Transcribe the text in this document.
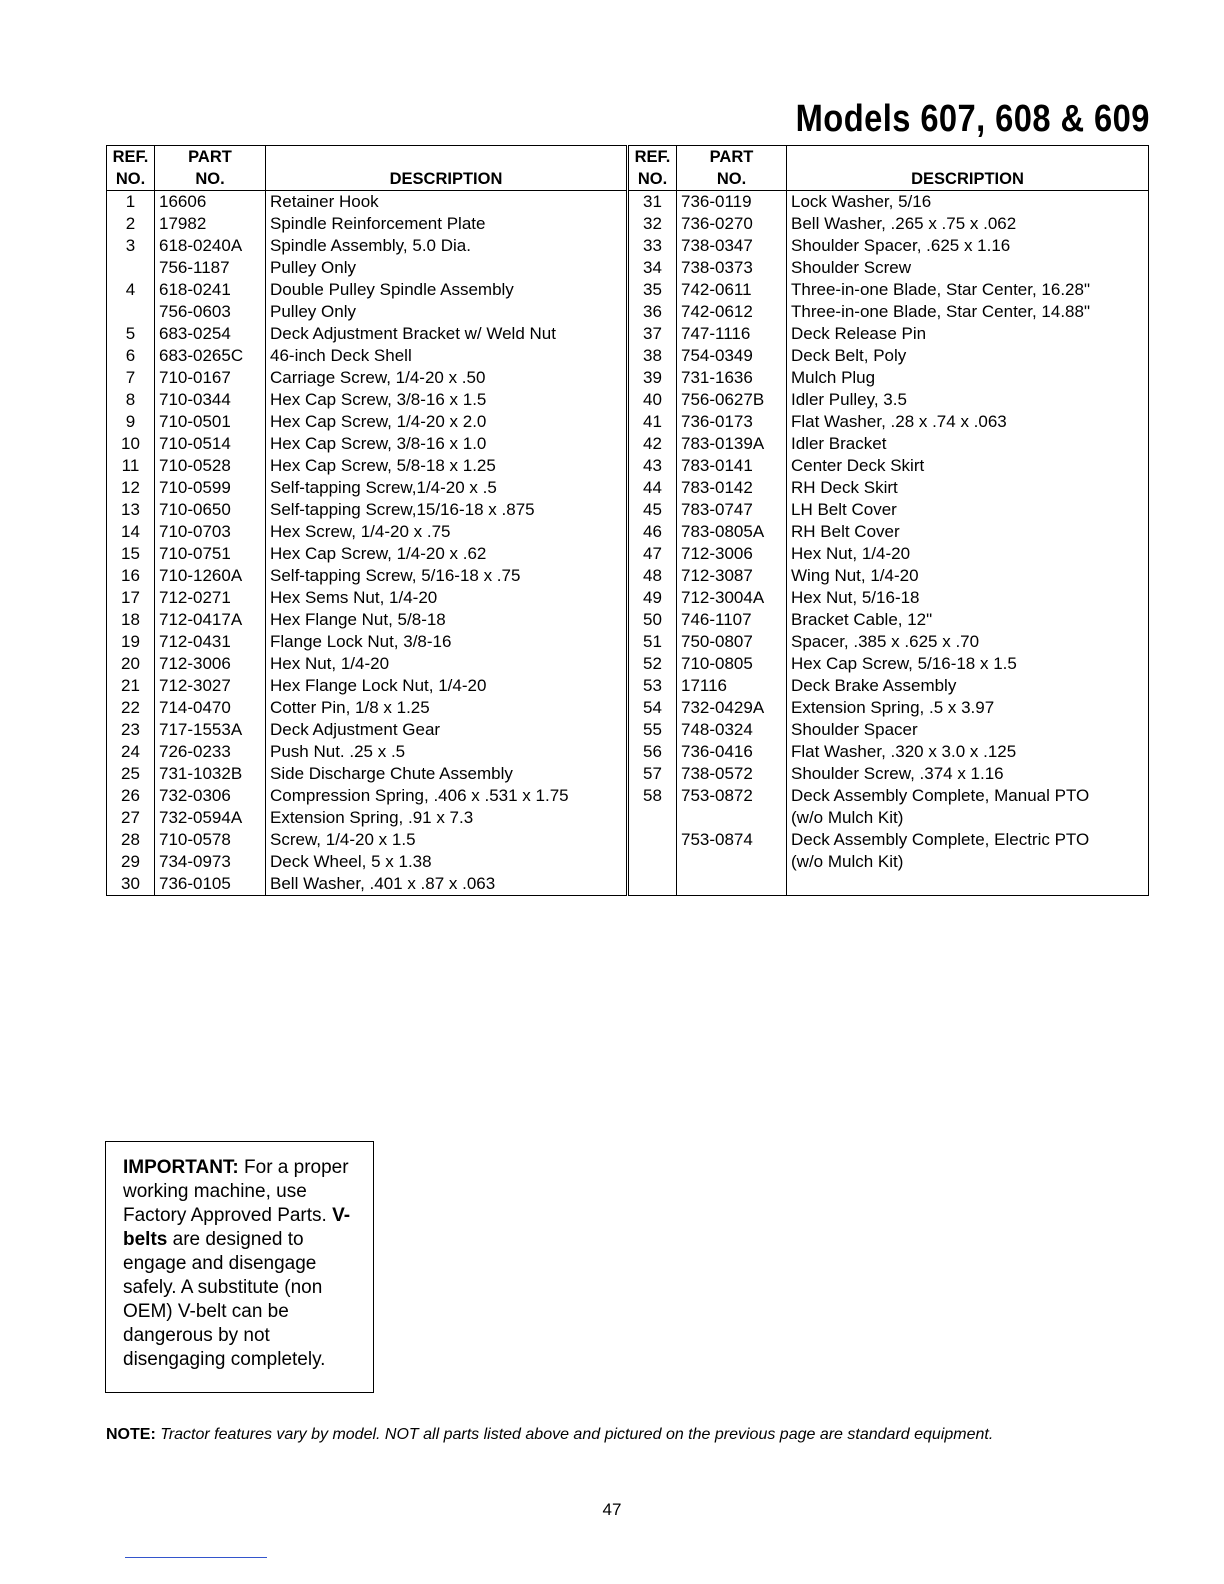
Models 607, 608 & 609
REF.
NO.	PART
NO.	DESCRIPTION
1	16606	Retainer Hook
2	17982	Spindle Reinforcement Plate
3	618-0240A	Spindle Assembly, 5.0 Dia.
	756-1187	Pulley Only
4	618-0241	Double Pulley Spindle Assembly
	756-0603	Pulley Only
5	683-0254	Deck Adjustment Bracket w/ Weld Nut
6	683-0265C	46-inch Deck Shell
7	710-0167	Carriage Screw, 1/4-20 x .50
8	710-0344	Hex Cap Screw, 3/8-16 x 1.5
9	710-0501	Hex Cap Screw, 1/4-20 x 2.0
10	710-0514	Hex Cap Screw, 3/8-16 x 1.0
11	710-0528	Hex Cap Screw, 5/8-18 x 1.25
12	710-0599	Self-tapping Screw,1/4-20 x .5
13	710-0650	Self-tapping Screw,15/16-18 x .875
14	710-0703	Hex Screw, 1/4-20 x .75
15	710-0751	Hex Cap Screw, 1/4-20 x .62
16	710-1260A	Self-tapping Screw, 5/16-18 x .75
17	712-0271	Hex Sems Nut, 1/4-20
18	712-0417A	Hex Flange Nut, 5/8-18
19	712-0431	Flange Lock Nut, 3/8-16
20	712-3006	Hex Nut, 1/4-20
21	712-3027	Hex Flange Lock Nut, 1/4-20
22	714-0470	Cotter Pin, 1/8 x 1.25
23	717-1553A	Deck Adjustment Gear
24	726-0233	Push Nut. .25 x .5
25	731-1032B	Side Discharge Chute Assembly
26	732-0306	Compression Spring, .406 x .531 x 1.75
27	732-0594A	Extension Spring, .91 x 7.3
28	710-0578	Screw, 1/4-20 x 1.5
29	734-0973	Deck Wheel, 5 x 1.38
30	736-0105	Bell Washer, .401 x .87 x .063
REF.
NO.	PART
NO.	DESCRIPTION
31	736-0119	Lock Washer, 5/16
32	736-0270	Bell Washer, .265 x .75 x .062
33	738-0347	Shoulder Spacer, .625 x 1.16
34	738-0373	Shoulder Screw
35	742-0611	Three-in-one Blade, Star Center, 16.28"
36	742-0612	Three-in-one Blade, Star Center, 14.88"
37	747-1116	Deck Release Pin
38	754-0349	Deck Belt, Poly
39	731-1636	Mulch Plug
40	756-0627B	Idler Pulley, 3.5
41	736-0173	Flat Washer, .28 x .74 x .063
42	783-0139A	Idler Bracket
43	783-0141	Center Deck Skirt
44	783-0142	RH Deck Skirt
45	783-0747	LH Belt Cover
46	783-0805A	RH Belt Cover
47	712-3006	Hex Nut, 1/4-20
48	712-3087	Wing Nut, 1/4-20
49	712-3004A	Hex Nut, 5/16-18
50	746-1107	Bracket Cable, 12"
51	750-0807	Spacer, .385 x .625 x .70
52	710-0805	Hex Cap Screw, 5/16-18 x 1.5
53	17116	Deck Brake Assembly
54	732-0429A	Extension Spring, .5 x 3.97
55	748-0324	Shoulder Spacer
56	736-0416	Flat Washer, .320 x 3.0 x .125
57	738-0572	Shoulder Screw, .374 x 1.16
58	753-0872	Deck Assembly Complete, Manual PTO
		(w/o Mulch Kit)
	753-0874	Deck Assembly Complete, Electric PTO
		(w/o Mulch Kit)

IMPORTANT: For a proper working machine, use Factory Approved Parts. V-belts are designed to engage and disengage safely. A substitute (non OEM) V-belt can be dangerous by not disengaging completely.
NOTE: Tractor features vary by model. NOT all parts listed above and pictured on the previous page are standard equipment.
47
